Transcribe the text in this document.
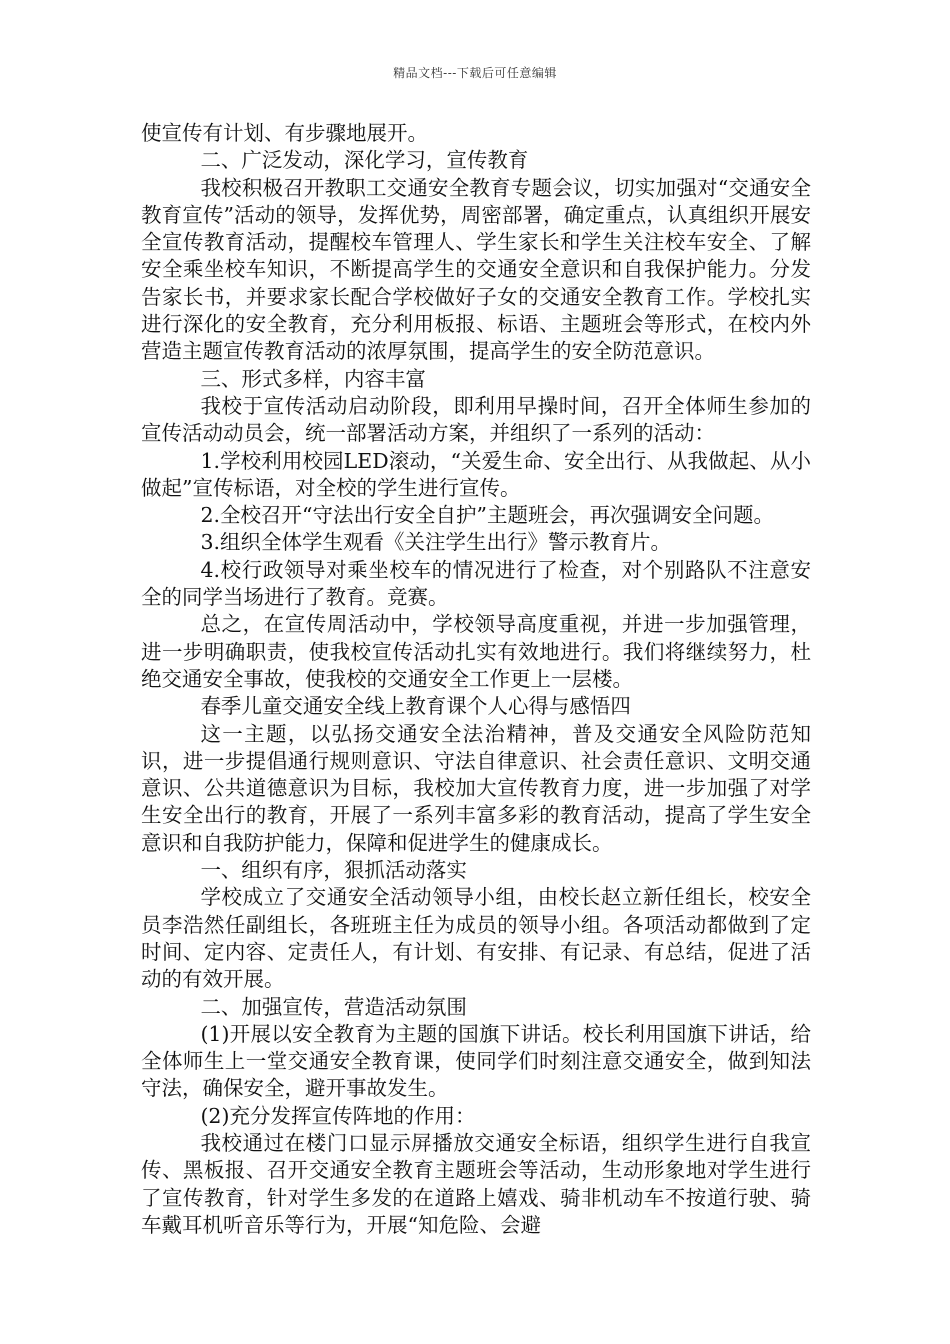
精品文档---下载后可任意编辑

使宣传有计划、有步骤地展开。

二、广泛发动，深化学习，宣传教育

我校积极召开教职工交通安全教育专题会议，切实加强对“交通安全教育宣传”活动的领导，发挥优势，周密部署，确定重点，认真组织开展安全宣传教育活动，提醒校车管理人、学生家长和学生关注校车安全、了解安全乘坐校车知识，不断提高学生的交通安全意识和自我保护能力。分发告家长书，并要求家长配合学校做好子女的交通安全教育工作。学校扎实进行深化的安全教育，充分利用板报、标语、主题班会等形式，在校内外营造主题宣传教育活动的浓厚氛围，提高学生的安全防范意识。

三、形式多样，内容丰富

我校于宣传活动启动阶段，即利用早操时间，召开全体师生参加的宣传活动动员会，统一部署活动方案，并组织了一系列的活动：

1.学校利用校园LED滚动，“关爱生命、安全出行、从我做起、从小做起”宣传标语，对全校的学生进行宣传。

2.全校召开“守法出行安全自护”主题班会，再次强调安全问题。

3.组织全体学生观看《关注学生出行》警示教育片。

4.校行政领导对乘坐校车的情况进行了检查，对个别路队不注意安全的同学当场进行了教育。竞赛。

总之，在宣传周活动中，学校领导高度重视，并进一步加强管理，进一步明确职责，使我校宣传活动扎实有效地进行。我们将继续努力，杜绝交通安全事故，使我校的交通安全工作更上一层楼。

春季儿童交通安全线上教育课个人心得与感悟四

这一主题，以弘扬交通安全法治精神，普及交通安全风险防范知识，进一步提倡通行规则意识、守法自律意识、社会责任意识、文明交通意识、公共道德意识为目标，我校加大宣传教育力度，进一步加强了对学生安全出行的教育，开展了一系列丰富多彩的教育活动，提高了学生安全意识和自我防护能力，保障和促进学生的健康成长。

一、组织有序，狠抓活动落实

学校成立了交通安全活动领导小组，由校长赵立新任组长，校安全员李浩然任副组长，各班班主任为成员的领导小组。各项活动都做到了定时间、定内容、定责任人，有计划、有安排、有记录、有总结，促进了活动的有效开展。

二、加强宣传，营造活动氛围

(1)开展以安全教育为主题的国旗下讲话。校长利用国旗下讲话，给全体师生上一堂交通安全教育课，使同学们时刻注意交通安全，做到知法守法，确保安全，避开事故发生。

(2)充分发挥宣传阵地的作用：

我校通过在楼门口显示屏播放交通安全标语，组织学生进行自我宣传、黑板报、召开交通安全教育主题班会等活动，生动形象地对学生进行了宣传教育，针对学生多发的在道路上嬉戏、骑非机动车不按道行驶、骑车戴耳机听音乐等行为，开展“知危险、会避
